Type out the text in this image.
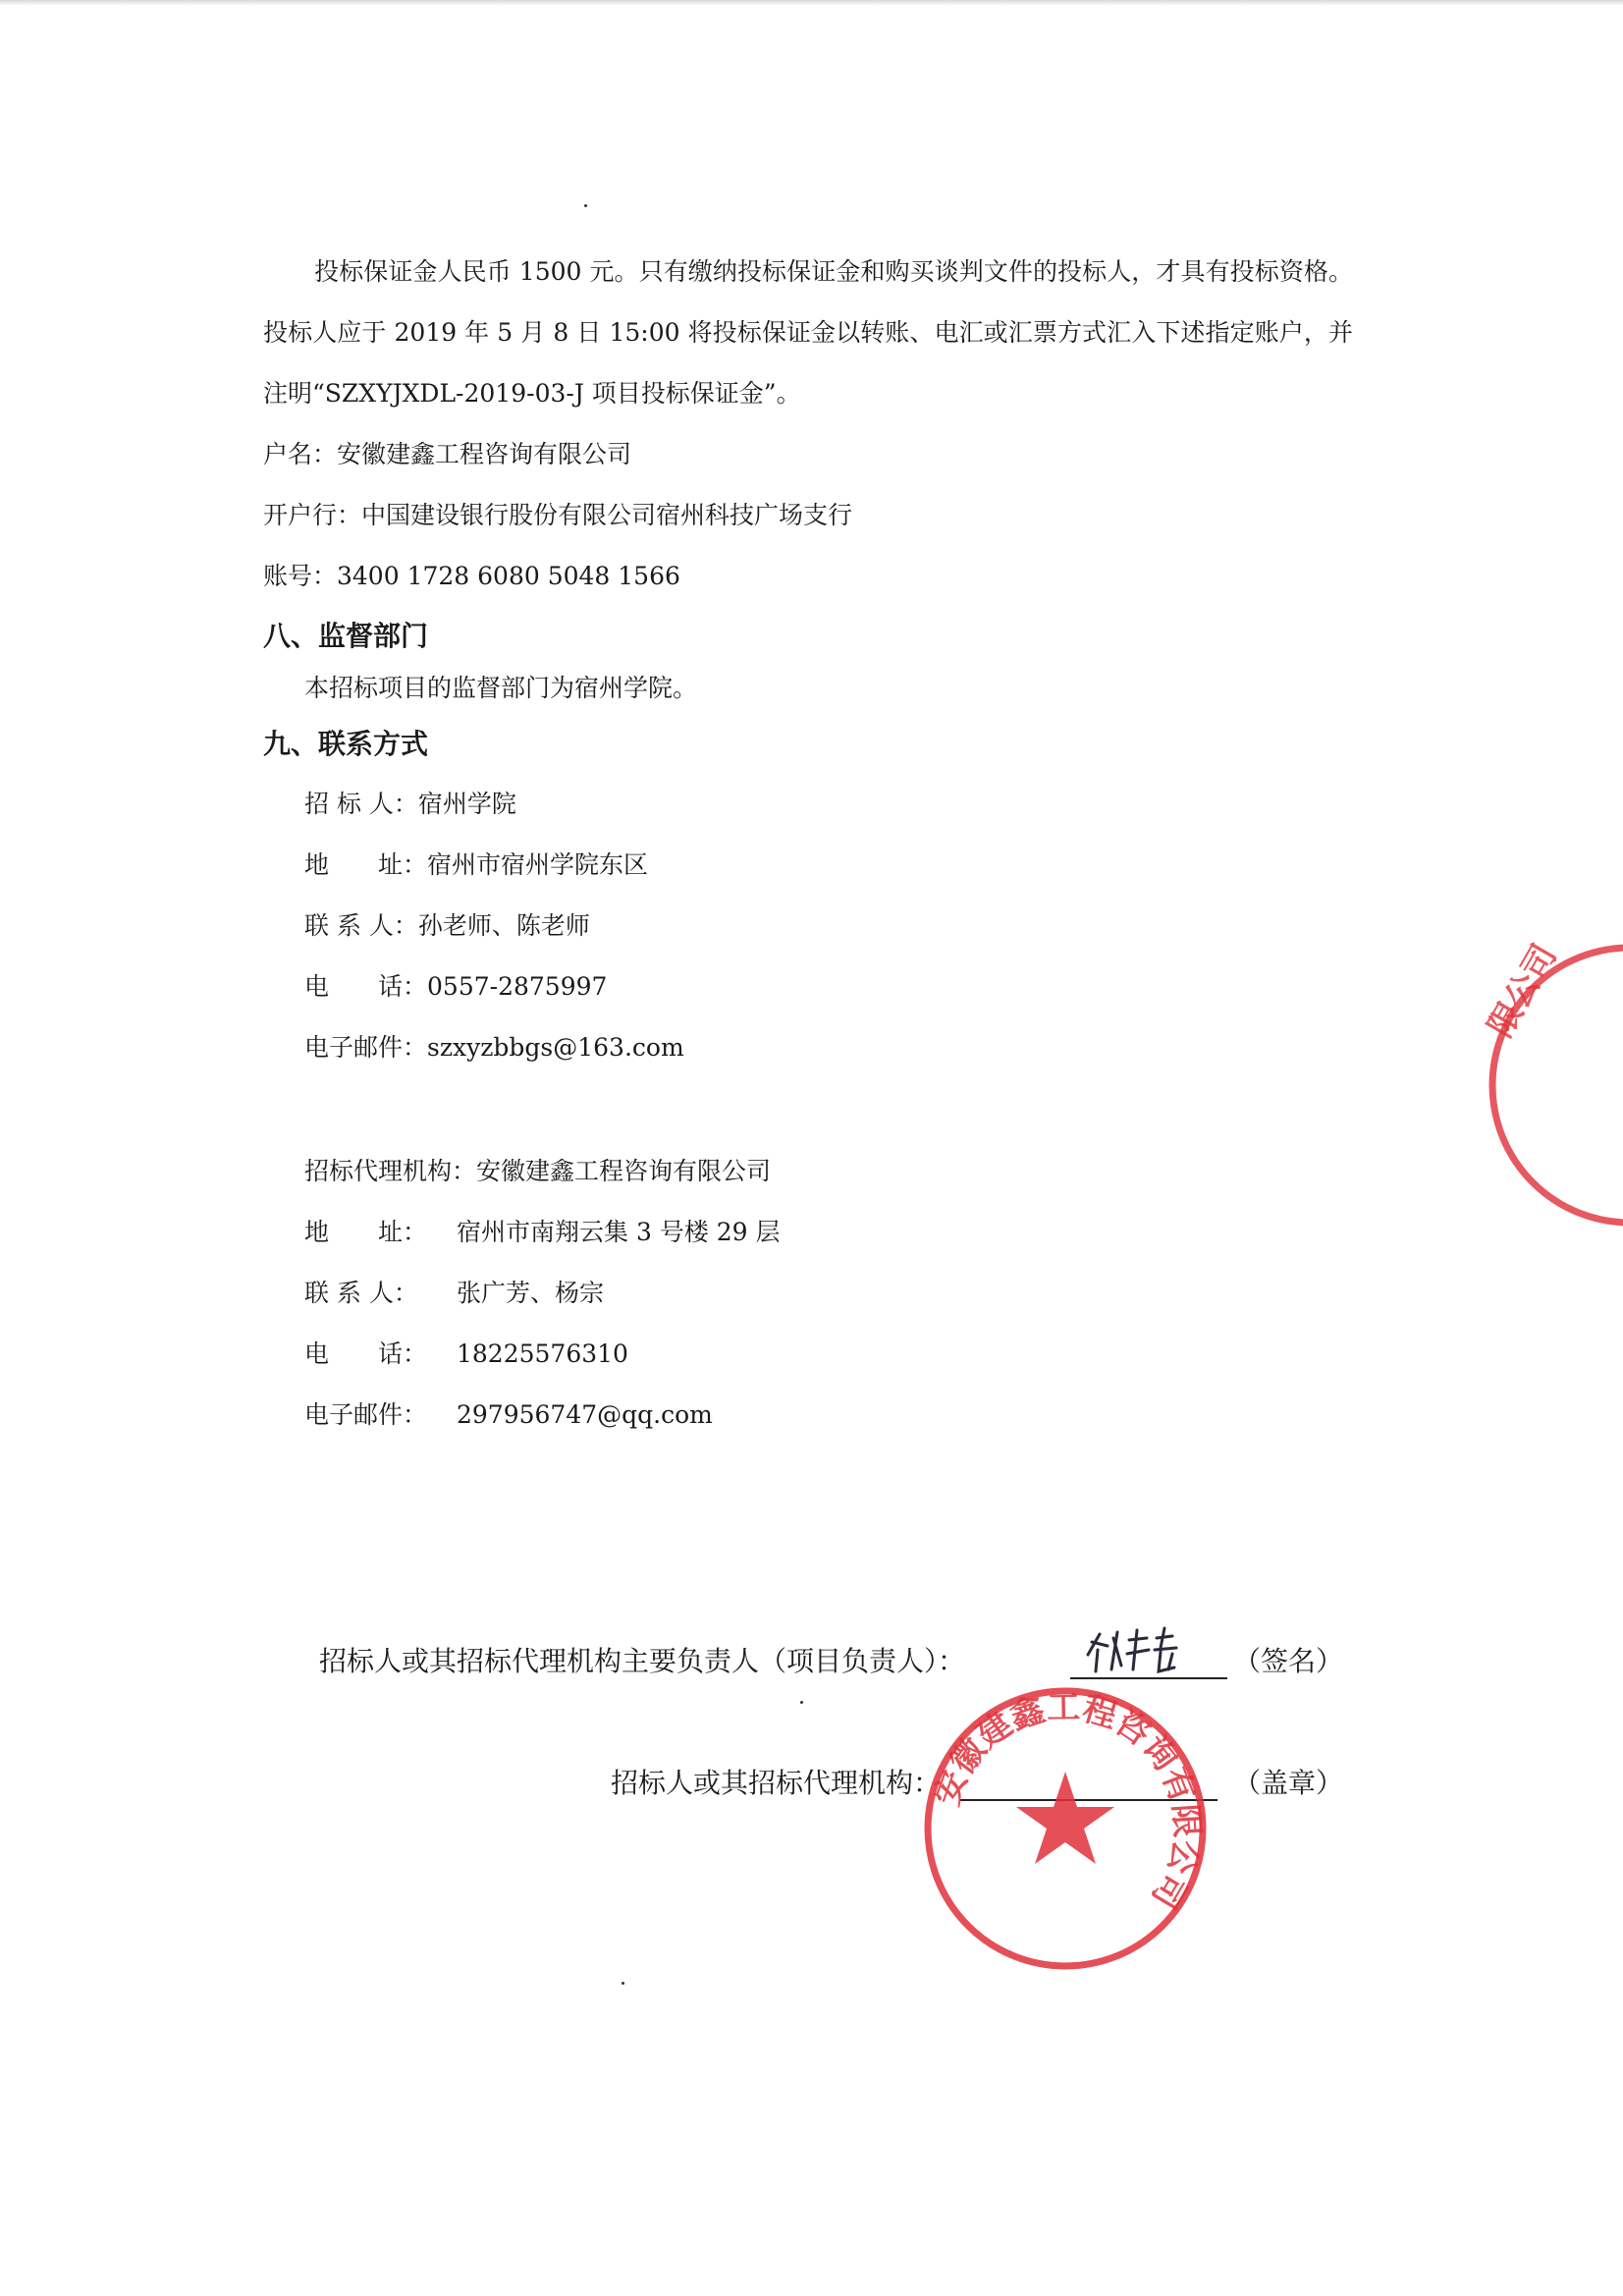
投标保证金人民币 1500 元。只有缴纳投标保证金和购买谈判文件的投标人，才具有投标资格。投标人应于 2019 年 5 月 8 日 15:00 将投标保证金以转账、电汇或汇票方式汇入下述指定账户，并注明“SZXYJXDL-2019-03-J 项目投标保证金”。
户名：安徽建鑫工程咨询有限公司
开户行：中国建设银行股份有限公司宿州科技广场支行
账号：3400 1728 6080 5048 1566
八、监督部门
本招标项目的监督部门为宿州学院。
九、联系方式
招 标 人：宿州学院
地　　址：宿州市宿州学院东区
联 系 人：孙老师、陈老师
电　　话：0557-2875997
电子邮件：szxyzbbgs@163.com
招标代理机构：安徽建鑫工程咨询有限公司
地　　址： 宿州市南翔云集 3 号楼 29 层
联 系 人： 张广芳、杨宗
电　　话： 18225576310
电子邮件： 297956747@qq.com
招标人或其招标代理机构主要负责人（项目负责人）：	（签名）
招标人或其招标代理机构：	（盖章）
安徽建鑫工程咨询有限公司
限公司
